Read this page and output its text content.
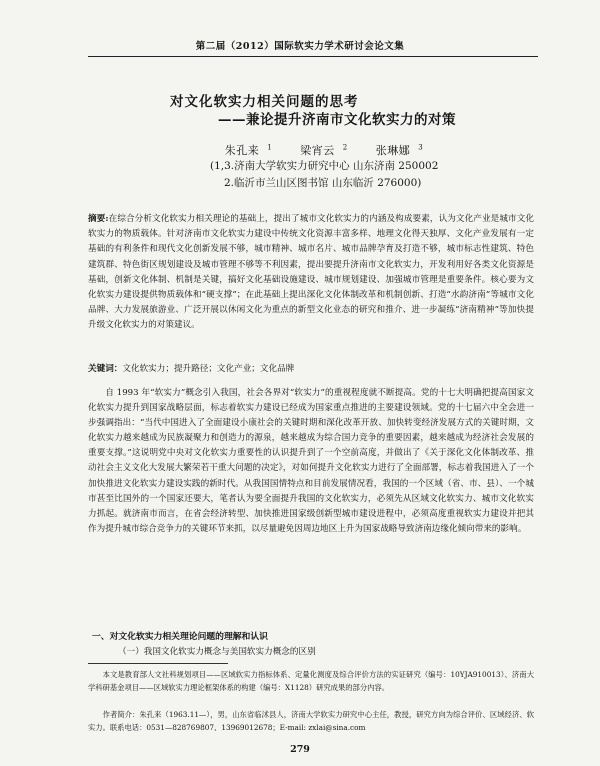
第二届（2012）国际软实力学术研讨会论文集
对文化软实力相关问题的思考
——兼论提升济南市文化软实力的对策
朱孔来 $^1$	梁宵云 $^2$	张琳娜 $^3$
(1,3.济南大学软实力研究中心 山东济南 250002
2.临沂市兰山区图书馆 山东临沂 276000)
摘要:在综合分析文化软实力相关理论的基础上，提出了城市文化软实力的内涵及构成要素，认为文化产业是城市文化软实力的物质载体。针对济南市文化软实力建设中传统文化资源丰富多样、地理文化得天独厚、文化产业发展有一定基础的有利条件和现代文化创新发展不够，城市精神、城市名片、城市品牌孕育及打造不够，城市标志性建筑、特色建筑群、特色街区规划建设及城市管理不够等不利因素，提出要提升济南市文化软实力，开发利用好各类文化资源是基础，创新文化体制、机制是关键，搞好文化基础设施建设、城市规划建设、加强城市管理是重要条件。核心要为文化软实力建设提供物质载体和“硬支撑”；在此基础上提出深化文化体制改革和机制创新、打造“水韵济南”等城市文化品牌、大力发展旅游业、广泛开展以休闲文化为重点的新型文化业态的研究和推介、进一步凝练“济南精神”等加快提升级文化软实力的对策建议。
关键词：文化软实力；提升路径；文化产业；文化品牌
自 1993 年“软实力”概念引入我国，社会各界对“软实力”的重视程度就不断提高。党的十七大明确把提高国家文化软实力提升到国家战略层面，标志着软实力建设已经成为国家重点推进的主要建设领域。党的十七届六中全会进一步强调指出：“当代中国进入了全面建设小康社会的关键时期和深化改革开放、加快转变经济发展方式的关键时期，文化软实力越来越成为民族凝聚力和创造力的源泉，越来越成为综合国力竞争的重要因素，越来越成为经济社会发展的重要支撑。”这说明党中央对文化软实力重要性的认识提升到了一个空前高度，并做出了《关于深化文化体制改革、推动社会主义文化大发展大繁荣若干重大问题的决定》，对如何提升文化软实力进行了全面部署，标志着我国进入了一个加快推进文化软实力建设实践的新时代。从我国国情特点和目前发展情况看，我国的一个区域（省、市、县）、一个城市甚至比国外的一个国家还要大，笔者认为要全面提升我国的文化软实力，必须先从区域文化软实力、城市文化软实力抓起。就济南市而言，在省会经济转型、加快推进国家级创新型城市建设进程中，必须高度重视软实力建设并把其作为提升城市综合竞争力的关键环节来抓，以尽量避免因周边地区上升为国家战略导致济南边缘化倾向带来的影响。
一、对文化软实力相关理论问题的理解和认识
（一）我国文化软实力概念与美国软实力概念的区别
本文是教育部人文社科规划项目——区域软实力指标体系、定量化测度及综合评价方法的实证研究（编号：10YJA910013）、济南大学科研基金项目——区域软实力理论框架体系的构建（编号：X1128）研究成果的部分内容。
作者简介：朱孔来（1963.11—），男，山东省临沭县人，济南大学软实力研究中心主任，教授，研究方向为综合评价、区域经济、软实力。联系电话：0531—828769807、13969012678；E-mail: zxlai@sina.com
279
